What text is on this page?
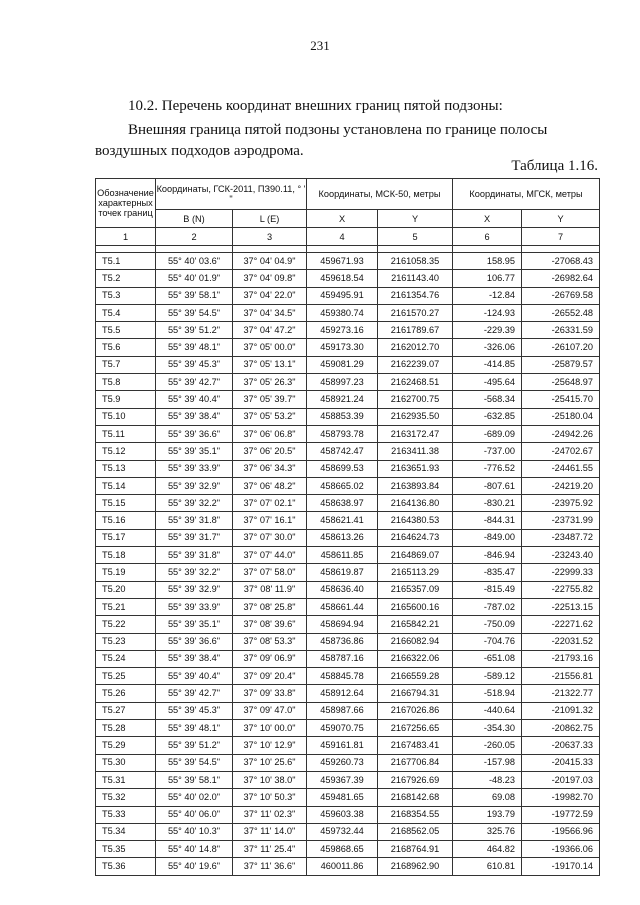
231
10.2. Перечень координат внешних границ пятой подзоны:
Внешняя граница пятой подзоны установлена по границе полосы воздушных подходов аэродрома.
Таблица 1.16.
Обозначение характерных точек границ	Координаты, ГСК-2011, ПЗ90.11, ° ' "		Координаты, МСК-50, метры		Координаты, МГСК, метры	
	B (N)	L (E)	X	Y	X	Y
1	2	3	4	5	6	7

Т5.1	55° 40' 03.6"	37° 04' 04.9"	459671.93	2161058.35	158.95	-27068.43
Т5.2	55° 40' 01.9"	37° 04' 09.8"	459618.54	2161143.40	106.77	-26982.64
Т5.3	55° 39' 58.1"	37° 04' 22.0"	459495.91	2161354.76	-12.84	-26769.58
Т5.4	55° 39' 54.5"	37° 04' 34.5"	459380.74	2161570.27	-124.93	-26552.48
Т5.5	55° 39' 51.2"	37° 04' 47.2"	459273.16	2161789.67	-229.39	-26331.59
Т5.6	55° 39' 48.1"	37° 05' 00.0"	459173.30	2162012.70	-326.06	-26107.20
Т5.7	55° 39' 45.3"	37° 05' 13.1"	459081.29	2162239.07	-414.85	-25879.57
Т5.8	55° 39' 42.7"	37° 05' 26.3"	458997.23	2162468.51	-495.64	-25648.97
Т5.9	55° 39' 40.4"	37° 05' 39.7"	458921.24	2162700.75	-568.34	-25415.70
Т5.10	55° 39' 38.4"	37° 05' 53.2"	458853.39	2162935.50	-632.85	-25180.04
Т5.11	55° 39' 36.6"	37° 06' 06.8"	458793.78	2163172.47	-689.09	-24942.26
Т5.12	55° 39' 35.1"	37° 06' 20.5"	458742.47	2163411.38	-737.00	-24702.67
Т5.13	55° 39' 33.9"	37° 06' 34.3"	458699.53	2163651.93	-776.52	-24461.55
Т5.14	55° 39' 32.9"	37° 06' 48.2"	458665.02	2163893.84	-807.61	-24219.20
Т5.15	55° 39' 32.2"	37° 07' 02.1"	458638.97	2164136.80	-830.21	-23975.92
Т5.16	55° 39' 31.8"	37° 07' 16.1"	458621.41	2164380.53	-844.31	-23731.99
Т5.17	55° 39' 31.7"	37° 07' 30.0"	458613.26	2164624.73	-849.00	-23487.72
Т5.18	55° 39' 31.8"	37° 07' 44.0"	458611.85	2164869.07	-846.94	-23243.40
Т5.19	55° 39' 32.2"	37° 07' 58.0"	458619.87	2165113.29	-835.47	-22999.33
Т5.20	55° 39' 32.9"	37° 08' 11.9"	458636.40	2165357.09	-815.49	-22755.82
Т5.21	55° 39' 33.9"	37° 08' 25.8"	458661.44	2165600.16	-787.02	-22513.15
Т5.22	55° 39' 35.1"	37° 08' 39.6"	458694.94	2165842.21	-750.09	-22271.62
Т5.23	55° 39' 36.6"	37° 08' 53.3"	458736.86	2166082.94	-704.76	-22031.52
Т5.24	55° 39' 38.4"	37° 09' 06.9"	458787.16	2166322.06	-651.08	-21793.16
Т5.25	55° 39' 40.4"	37° 09' 20.4"	458845.78	2166559.28	-589.12	-21556.81
Т5.26	55° 39' 42.7"	37° 09' 33.8"	458912.64	2166794.31	-518.94	-21322.77
Т5.27	55° 39' 45.3"	37° 09' 47.0"	458987.66	2167026.86	-440.64	-21091.32
Т5.28	55° 39' 48.1"	37° 10' 00.0"	459070.75	2167256.65	-354.30	-20862.75
Т5.29	55° 39' 51.2"	37° 10' 12.9"	459161.81	2167483.41	-260.05	-20637.33
Т5.30	55° 39' 54.5"	37° 10' 25.6"	459260.73	2167706.84	-157.98	-20415.33
Т5.31	55° 39' 58.1"	37° 10' 38.0"	459367.39	2167926.69	-48.23	-20197.03
Т5.32	55° 40' 02.0"	37° 10' 50.3"	459481.65	2168142.68	69.08	-19982.70
Т5.33	55° 40' 06.0"	37° 11' 02.3"	459603.38	2168354.55	193.79	-19772.59
Т5.34	55° 40' 10.3"	37° 11' 14.0"	459732.44	2168562.05	325.76	-19566.96
Т5.35	55° 40' 14.8"	37° 11' 25.4"	459868.65	2168764.91	464.82	-19366.06
Т5.36	55° 40' 19.6"	37° 11' 36.6"	460011.86	2168962.90	610.81	-19170.14
